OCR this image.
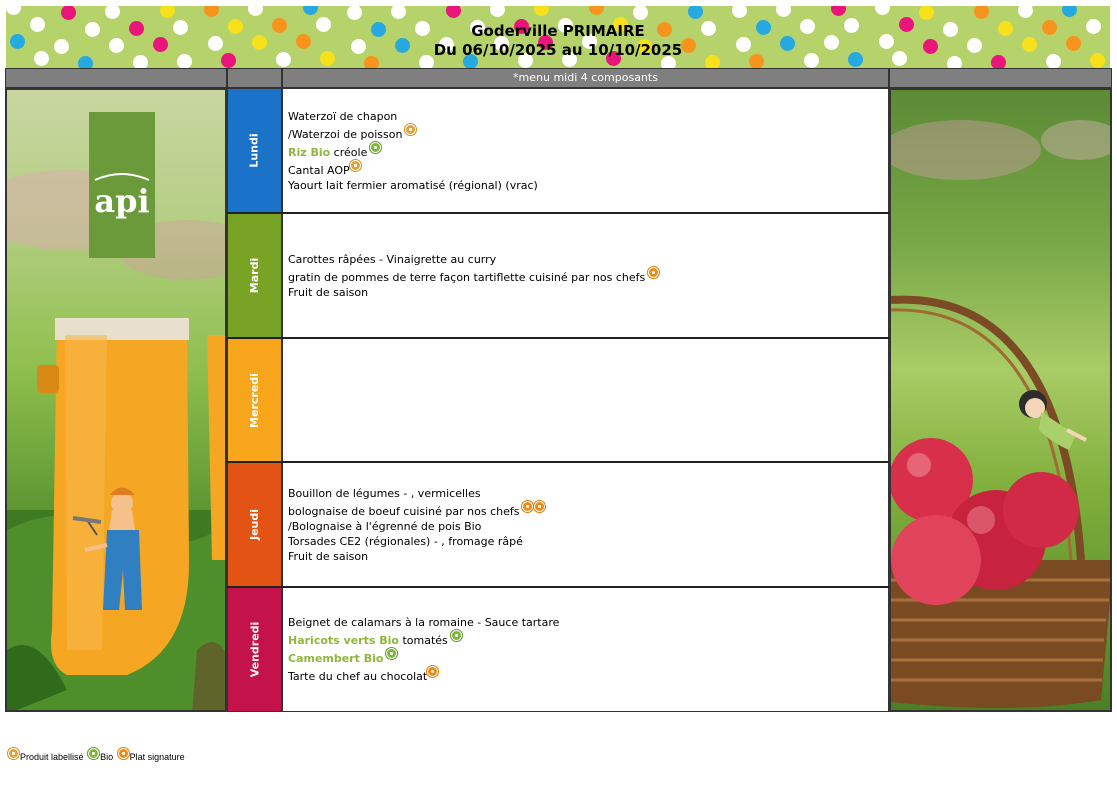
Goderville PRIMAIRE
Du 06/10/2025 au 10/10/2025
*menu midi 4 composants
api
Lundi
Mardi
Mercredi
Jeudi
Vendredi
Waterzoï de chapon
/Waterzoi de poisson
Riz Bio créole
Cantal AOP
Yaourt lait fermier aromatisé (régional) (vrac)
Carottes râpées - Vinaigrette au curry
gratin de pommes de terre façon tartiflette cuisiné par nos chefs
Fruit de saison
Bouillon de légumes - , vermicelles
bolognaise de boeuf cuisiné par nos chefs
/Bolognaise à l'égrenné de pois Bio
Torsades CE2 (régionales) - , fromage râpé
Fruit de saison
Beignet de calamars à la romaine - Sauce tartare
Haricots verts Bio tomatés
Camembert Bio
Tarte du chef au chocolat
Produit labellisé Bio Plat signature
